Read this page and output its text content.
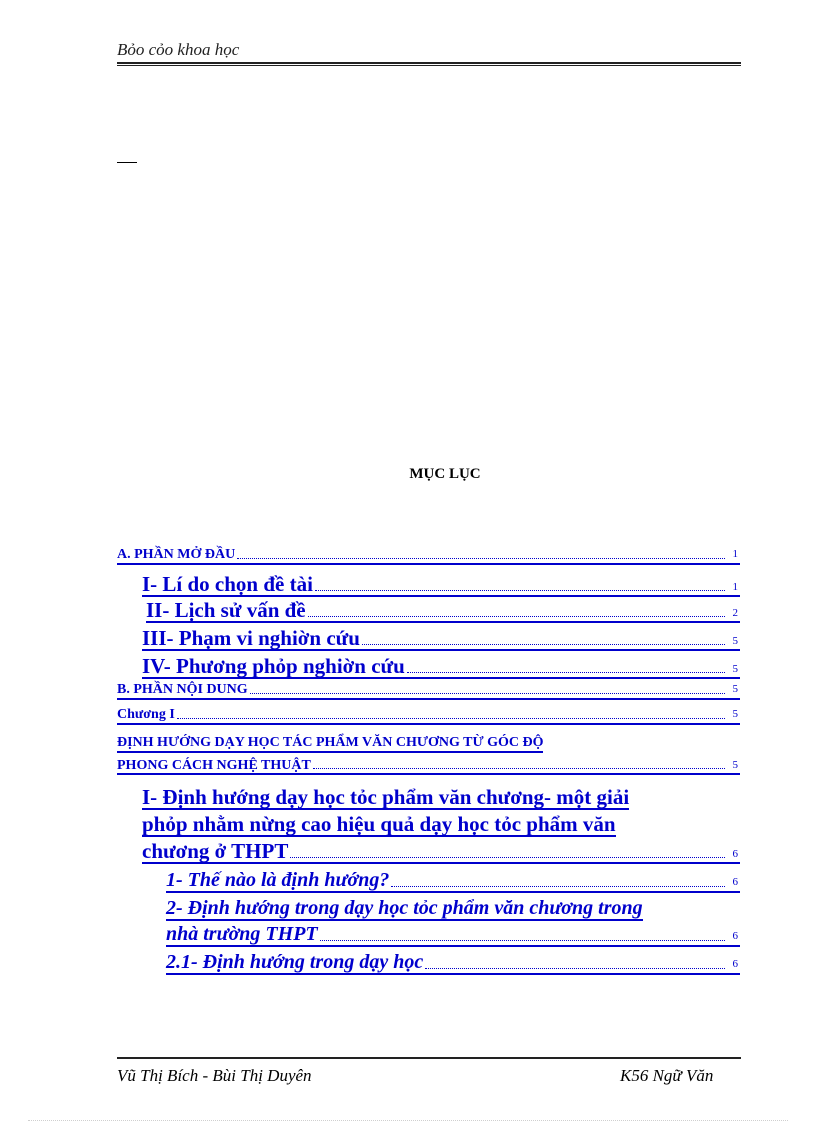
Bỏo cỏo khoa học
MỤC LỤC
A. PHẦN MỞ ĐẦU	1
I- Lí do chọn đề tài	1
II- Lịch sử vấn đề	2
III- Phạm vi nghiờn cứu	5
IV- Phương phỏp nghiờn cứu	5
B. PHẦN NỘI DUNG	5
Chương I	5
ĐỊNH HƯỚNG DẠY HỌC TÁC PHẨM VĂN CHƯƠNG TỪ GÓC ĐỘ
PHONG CÁCH NGHỆ THUẬT	5
I- Định hướng dạy học tỏc phẩm văn chương- một giải

phỏp nhằm nừng cao hiệu quả dạy học tỏc phẩm văn
chương ở THPT	6
1- Thế nào là định hướng?	6
2- Định hướng trong dạy học tỏc phẩm văn chương trong
nhà trường THPT	6
2.1- Định hướng trong dạy học	6
Vũ Thị Bích - Bùi Thị Duyên	K56 Ngữ Văn
